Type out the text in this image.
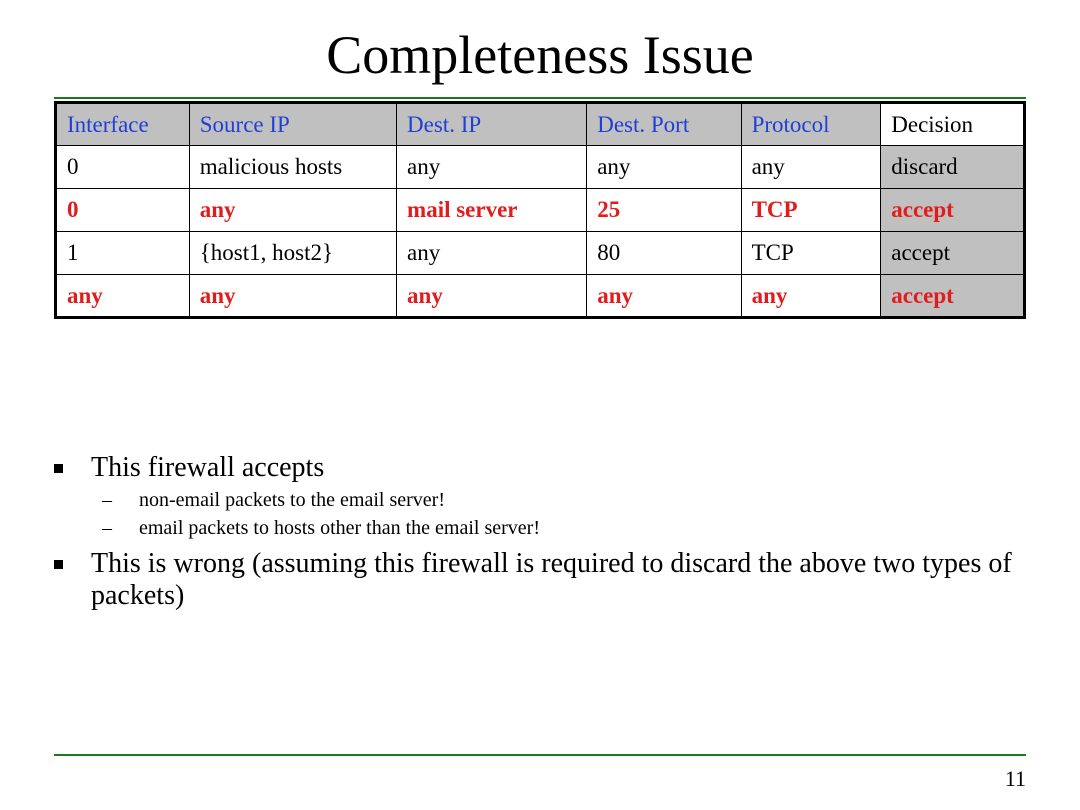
Completeness Issue
Interface	Source IP	Dest. IP	Dest. Port	Protocol	Decision
0	malicious hosts	any	any	any	discard
0	any	mail server	25	TCP	accept
1	{host1, host2}	any	80	TCP	accept
any	any	any	any	any	accept
This firewall accepts
– non-email packets to the email server!
– email packets to hosts other than the email server!
This is wrong (assuming this firewall is required to discard the above two types of packets)
11
